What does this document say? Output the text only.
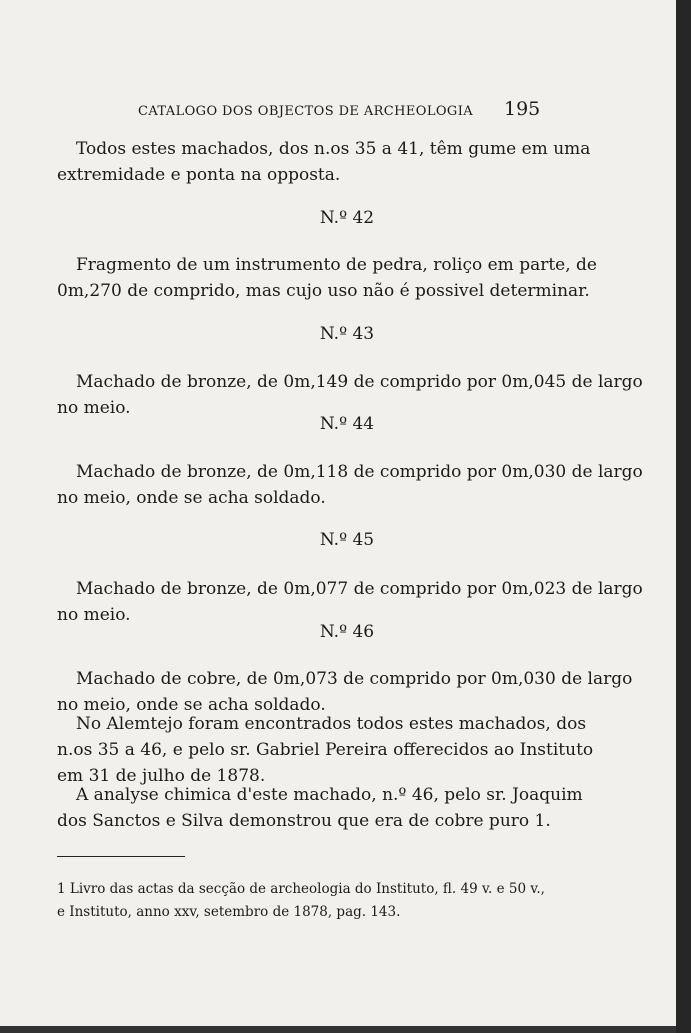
CATALOGO DOS OBJECTOS DE ARCHEOLOGIA 195
Todos estes machados, dos n.os 35 a 41, têm gume em uma
extremidade e ponta na opposta.
N.º 42
Fragmento de um instrumento de pedra, roliço em parte, de
0m,270 de comprido, mas cujo uso não é possivel determinar.
N.º 43
Machado de bronze, de 0m,149 de comprido por 0m,045 de largo
no meio.
N.º 44
Machado de bronze, de 0m,118 de comprido por 0m,030 de largo
no meio, onde se acha soldado.
N.º 45
Machado de bronze, de 0m,077 de comprido por 0m,023 de largo
no meio.
N.º 46
Machado de cobre, de 0m,073 de comprido por 0m,030 de largo
no meio, onde se acha soldado.
No Alemtejo foram encontrados todos estes machados, dos
n.os 35 a 46, e pelo sr. Gabriel Pereira offerecidos ao Instituto
em 31 de julho de 1878.
A analyse chimica d'este machado, n.º 46, pelo sr. Joaquim
dos Sanctos e Silva demonstrou que era de cobre puro 1.
1 Livro das actas da secção de archeologia do Instituto, fl. 49 v. e 50 v.,
e Instituto, anno xxv, setembro de 1878, pag. 143.
